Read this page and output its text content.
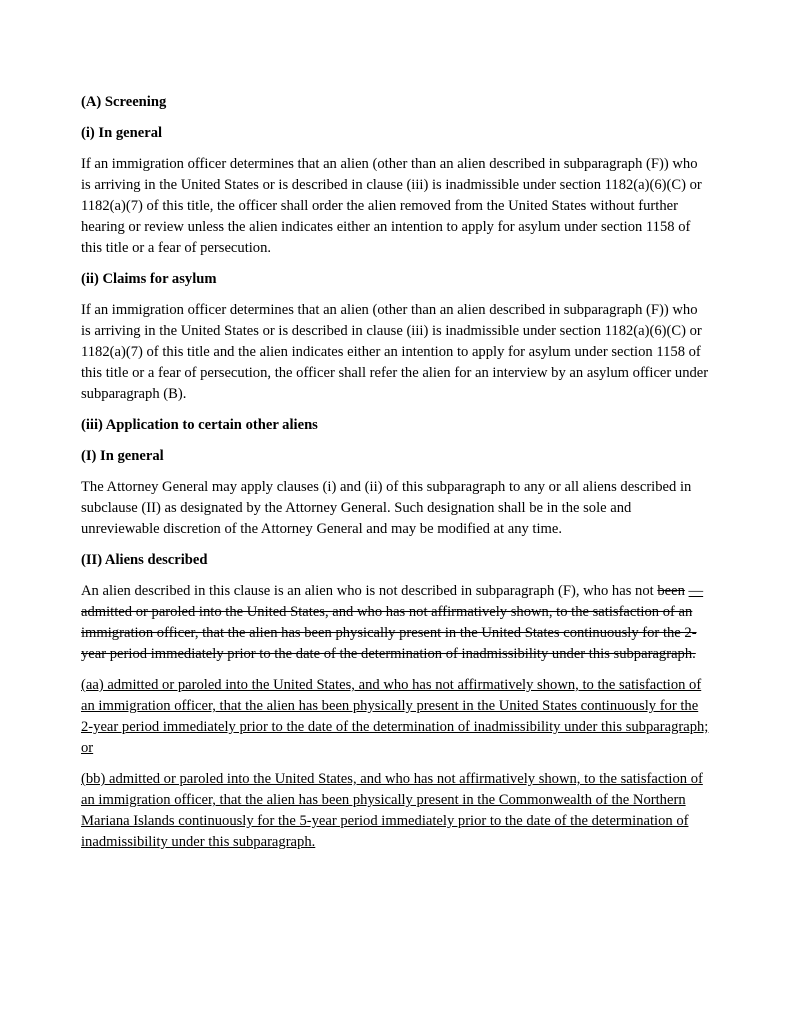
(A) Screening

(i) In general

If an immigration officer determines that an alien (other than an alien described in subparagraph (F)) who is arriving in the United States or is described in clause (iii) is inadmissible under section 1182(a)(6)(C) or 1182(a)(7) of this title, the officer shall order the alien removed from the United States without further hearing or review unless the alien indicates either an intention to apply for asylum under section 1158 of this title or a fear of persecution.

(ii) Claims for asylum

If an immigration officer determines that an alien (other than an alien described in subparagraph (F)) who is arriving in the United States or is described in clause (iii) is inadmissible under section 1182(a)(6)(C) or 1182(a)(7) of this title and the alien indicates either an intention to apply for asylum under section 1158 of this title or a fear of persecution, the officer shall refer the alien for an interview by an asylum officer under subparagraph (B).

(iii) Application to certain other aliens

(I) In general

The Attorney General may apply clauses (i) and (ii) of this subparagraph to any or all aliens described in subclause (II) as designated by the Attorney General. Such designation shall be in the sole and unreviewable discretion of the Attorney General and may be modified at any time.

(II) Aliens described

An alien described in this clause is an alien who is not described in subparagraph (F), who has not been — admitted or paroled into the United States, and who has not affirmatively shown, to the satisfaction of an immigration officer, that the alien has been physically present in the United States continuously for the 2-year period immediately prior to the date of the determination of inadmissibility under this subparagraph.

(aa) admitted or paroled into the United States, and who has not affirmatively shown, to the satisfaction of an immigration officer, that the alien has been physically present in the United States continuously for the 2-year period immediately prior to the date of the determination of inadmissibility under this subparagraph; or

(bb) admitted or paroled into the United States, and who has not affirmatively shown, to the satisfaction of an immigration officer, that the alien has been physically present in the Commonwealth of the Northern Mariana Islands continuously for the 5-year period immediately prior to the date of the determination of inadmissibility under this subparagraph.
